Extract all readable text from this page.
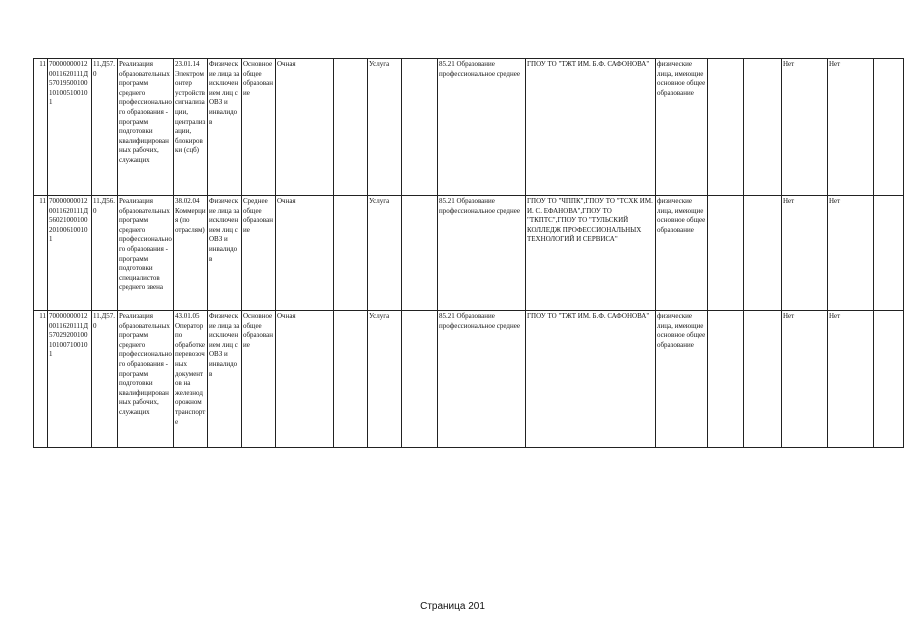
11	700000000120011620111Д57019500100101005100101	11.Д57.0	Реализация образовательных программ среднего профессионального образования - программ подготовки квалифицированных рабочих, служащих	23.01.14 Электромонтер устройств сигнализации, централизации, блокировки (сцб)	Физические лица за исключением лиц с ОВЗ и инвалидов	Основное общее образование	Очная		Услуга		85.21 Образование профессиональное среднее	ГПОУ ТО "ТЖТ ИМ. Б.Ф. САФОНОВА"	физические лица, имеющие основное общее образование			Нет	Нет	
11	700000000120011620111Д56021000100201006100101	11.Д56.0	Реализация образовательных программ среднего профессионального образования - программ подготовки специалистов среднего звена	38.02.04 Коммерция (по отраслям)	Физические лица за исключением лиц с ОВЗ и инвалидов	Среднее общее образование	Очная		Услуга		85.21 Образование профессиональное среднее	ГПОУ ТО "ЧППК",ГПОУ ТО "ТСХК ИМ. И. С. ЕФАНОВА",ГПОУ ТО "ТКПТС",ГПОУ ТО "ТУЛЬСКИЙ КОЛЛЕДЖ ПРОФЕССИОНАЛЬНЫХ ТЕХНОЛОГИЙ И СЕРВИСА"	физические лица, имеющие основное общее образование			Нет	Нет	
11	700000000120011620111Д57029200100101007100101	11.Д57.0	Реализация образовательных программ среднего профессионального образования - программ подготовки квалифицированных рабочих, служащих	43.01.05 Оператор по обработке перевозочных документов на железнодорожном транспорте	Физические лица за исключением лиц с ОВЗ и инвалидов	Основное общее образование	Очная		Услуга		85.21 Образование профессиональное среднее	ГПОУ ТО "ТЖТ ИМ. Б.Ф. САФОНОВА"	физические лица, имеющие основное общее образование			Нет	Нет	
Страница 201
